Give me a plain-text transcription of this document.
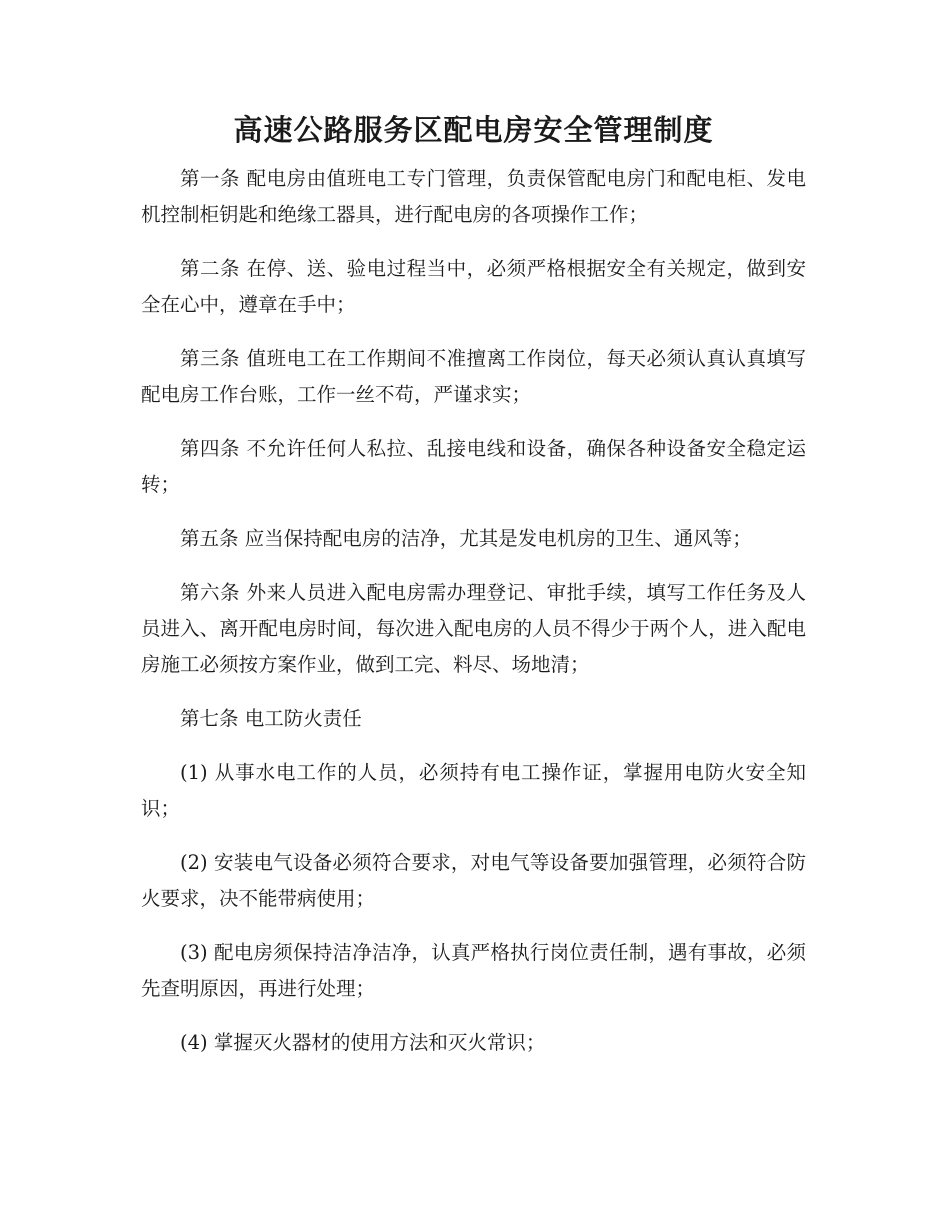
高速公路服务区配电房安全管理制度

第一条 配电房由值班电工专门管理，负责保管配电房门和配电柜、发电机控制柜钥匙和绝缘工器具，进行配电房的各项操作工作；

第二条 在停、送、验电过程当中，必须严格根据安全有关规定，做到安全在心中，遵章在手中；

第三条 值班电工在工作期间不准擅离工作岗位，每天必须认真认真填写配电房工作台账，工作一丝不苟，严谨求实；

第四条 不允许任何人私拉、乱接电线和设备，确保各种设备安全稳定运转；

第五条 应当保持配电房的洁净，尤其是发电机房的卫生、通风等；

第六条 外来人员进入配电房需办理登记、审批手续，填写工作任务及人员进入、离开配电房时间，每次进入配电房的人员不得少于两个人，进入配电房施工必须按方案作业，做到工完、料尽、场地清；

第七条 电工防火责任

(1) 从事水电工作的人员，必须持有电工操作证，掌握用电防火安全知识；

(2) 安装电气设备必须符合要求，对电气等设备要加强管理，必须符合防火要求，决不能带病使用；

(3) 配电房须保持洁净洁净，认真严格执行岗位责任制，遇有事故，必须先查明原因，再进行处理；

(4) 掌握灭火器材的使用方法和灭火常识；
